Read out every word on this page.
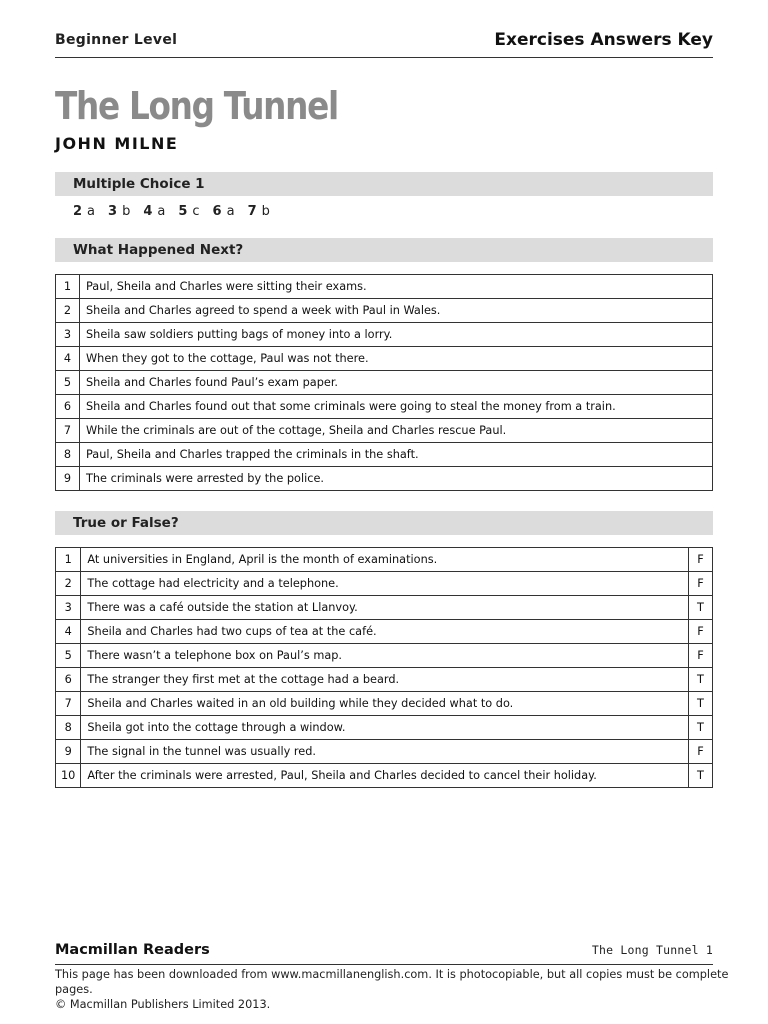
Beginner Level	Exercises Answers Key
The Long Tunnel
JOHN MILNE
Multiple Choice 1
2 a 3 b 4 a 5 c 6 a 7 b
What Happened Next?
1	Paul, Sheila and Charles were sitting their exams.
2	Sheila and Charles agreed to spend a week with Paul in Wales.
3	Sheila saw soldiers putting bags of money into a lorry.
4	When they got to the cottage, Paul was not there.
5	Sheila and Charles found Paul’s exam paper.
6	Sheila and Charles found out that some criminals were going to steal the money from a train.
7	While the criminals are out of the cottage, Sheila and Charles rescue Paul.
8	Paul, Sheila and Charles trapped the criminals in the shaft.
9	The criminals were arrested by the police.
True or False?
1	At universities in England, April is the month of examinations.	F
2	The cottage had electricity and a telephone.	F
3	There was a café outside the station at Llanvoy.	T
4	Sheila and Charles had two cups of tea at the café.	F
5	There wasn’t a telephone box on Paul’s map.	F
6	The stranger they first met at the cottage had a beard.	T
7	Sheila and Charles waited in an old building while they decided what to do.	T
8	Sheila got into the cottage through a window.	T
9	The signal in the tunnel was usually red.	F
10	After the criminals were arrested, Paul, Sheila and Charles decided to cancel their holiday.	T
Macmillan Readers	The Long Tunnel 1
This page has been downloaded from www.macmillanenglish.com. It is photocopiable, but all copies must be complete pages.
© Macmillan Publishers Limited 2013.
